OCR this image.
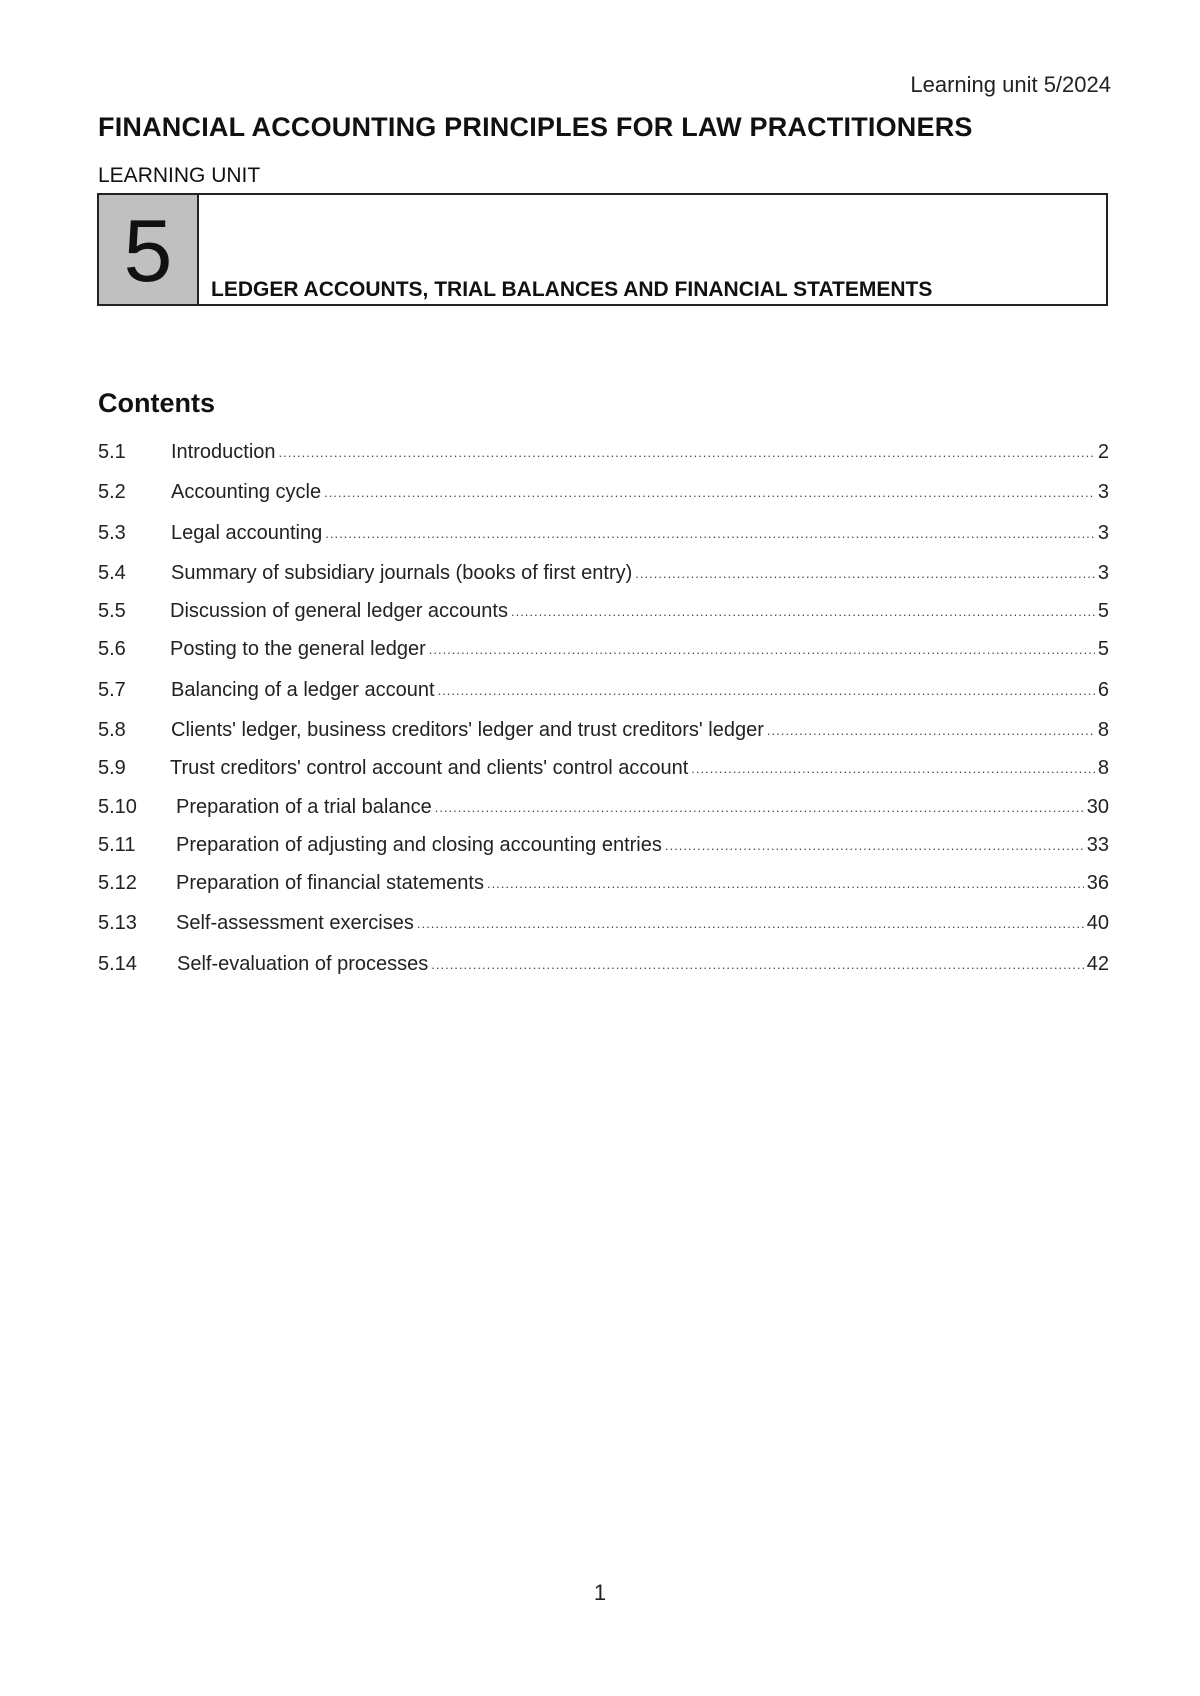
Learning unit 5/2024
FINANCIAL ACCOUNTING PRINCIPLES FOR LAW PRACTITIONERS
LEARNING UNIT
5 LEDGER ACCOUNTS, TRIAL BALANCES AND FINANCIAL STATEMENTS
Contents
5.1	Introduction .....	2
5.2	Accounting cycle .....	3
5.3	Legal accounting .....	3
5.4	Summary of subsidiary journals (books of first entry) .....	3
5.5	Discussion of general ledger accounts .....	5
5.6	Posting to the general ledger .....	5
5.7	Balancing of a ledger account .....	6
5.8	Clients' ledger, business creditors' ledger and trust creditors' ledger .....	8
5.9	Trust creditors' control account and clients' control account .....	8
5.10	Preparation of a trial balance .....	30
5.11	Preparation of adjusting and closing accounting entries .....	33
5.12	Preparation of financial statements .....	36
5.13	Self-assessment exercises .....	40
5.14	Self-evaluation of processes .....	42
1
